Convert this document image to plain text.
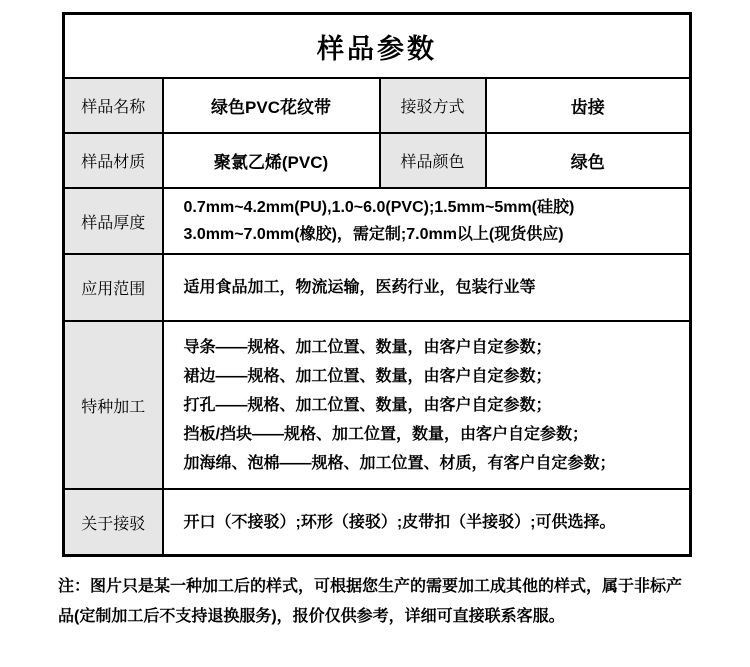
样品参数			
样品名称	绿色PVC花纹带	接驳方式	齿接
样品材质	聚氯乙烯(PVC)	样品颜色	绿色
样品厚度	0.7mm~4.2mm(PU),1.0~6.0(PVC);1.5mm~5mm(硅胶)
3.0mm~7.0mm(橡胶)，需定制;7.0mm以上(现货供应)		

应用范围	适用食品加工，物流运输，医药行业，包装行业等		

特种加工	导条——规格、加工位置、数量，由客户自定参数；
裙边——规格、加工位置、数量，由客户自定参数；
打孔——规格、加工位置、数量，由客户自定参数；
挡板/挡块——规格、加工位置，数量，由客户自定参数；
加海绵、泡棉——规格、加工位置、材质，有客户自定参数；		

关于接驳	开口（不接驳）;环形（接驳）;皮带扣（半接驳）;可供选择。		

注：图片只是某一种加工后的样式，可根据您生产的需要加工成其他的样式，属于非标产品(定制加工后不支持退换服务)，报价仅供参考，详细可直接联系客服。
